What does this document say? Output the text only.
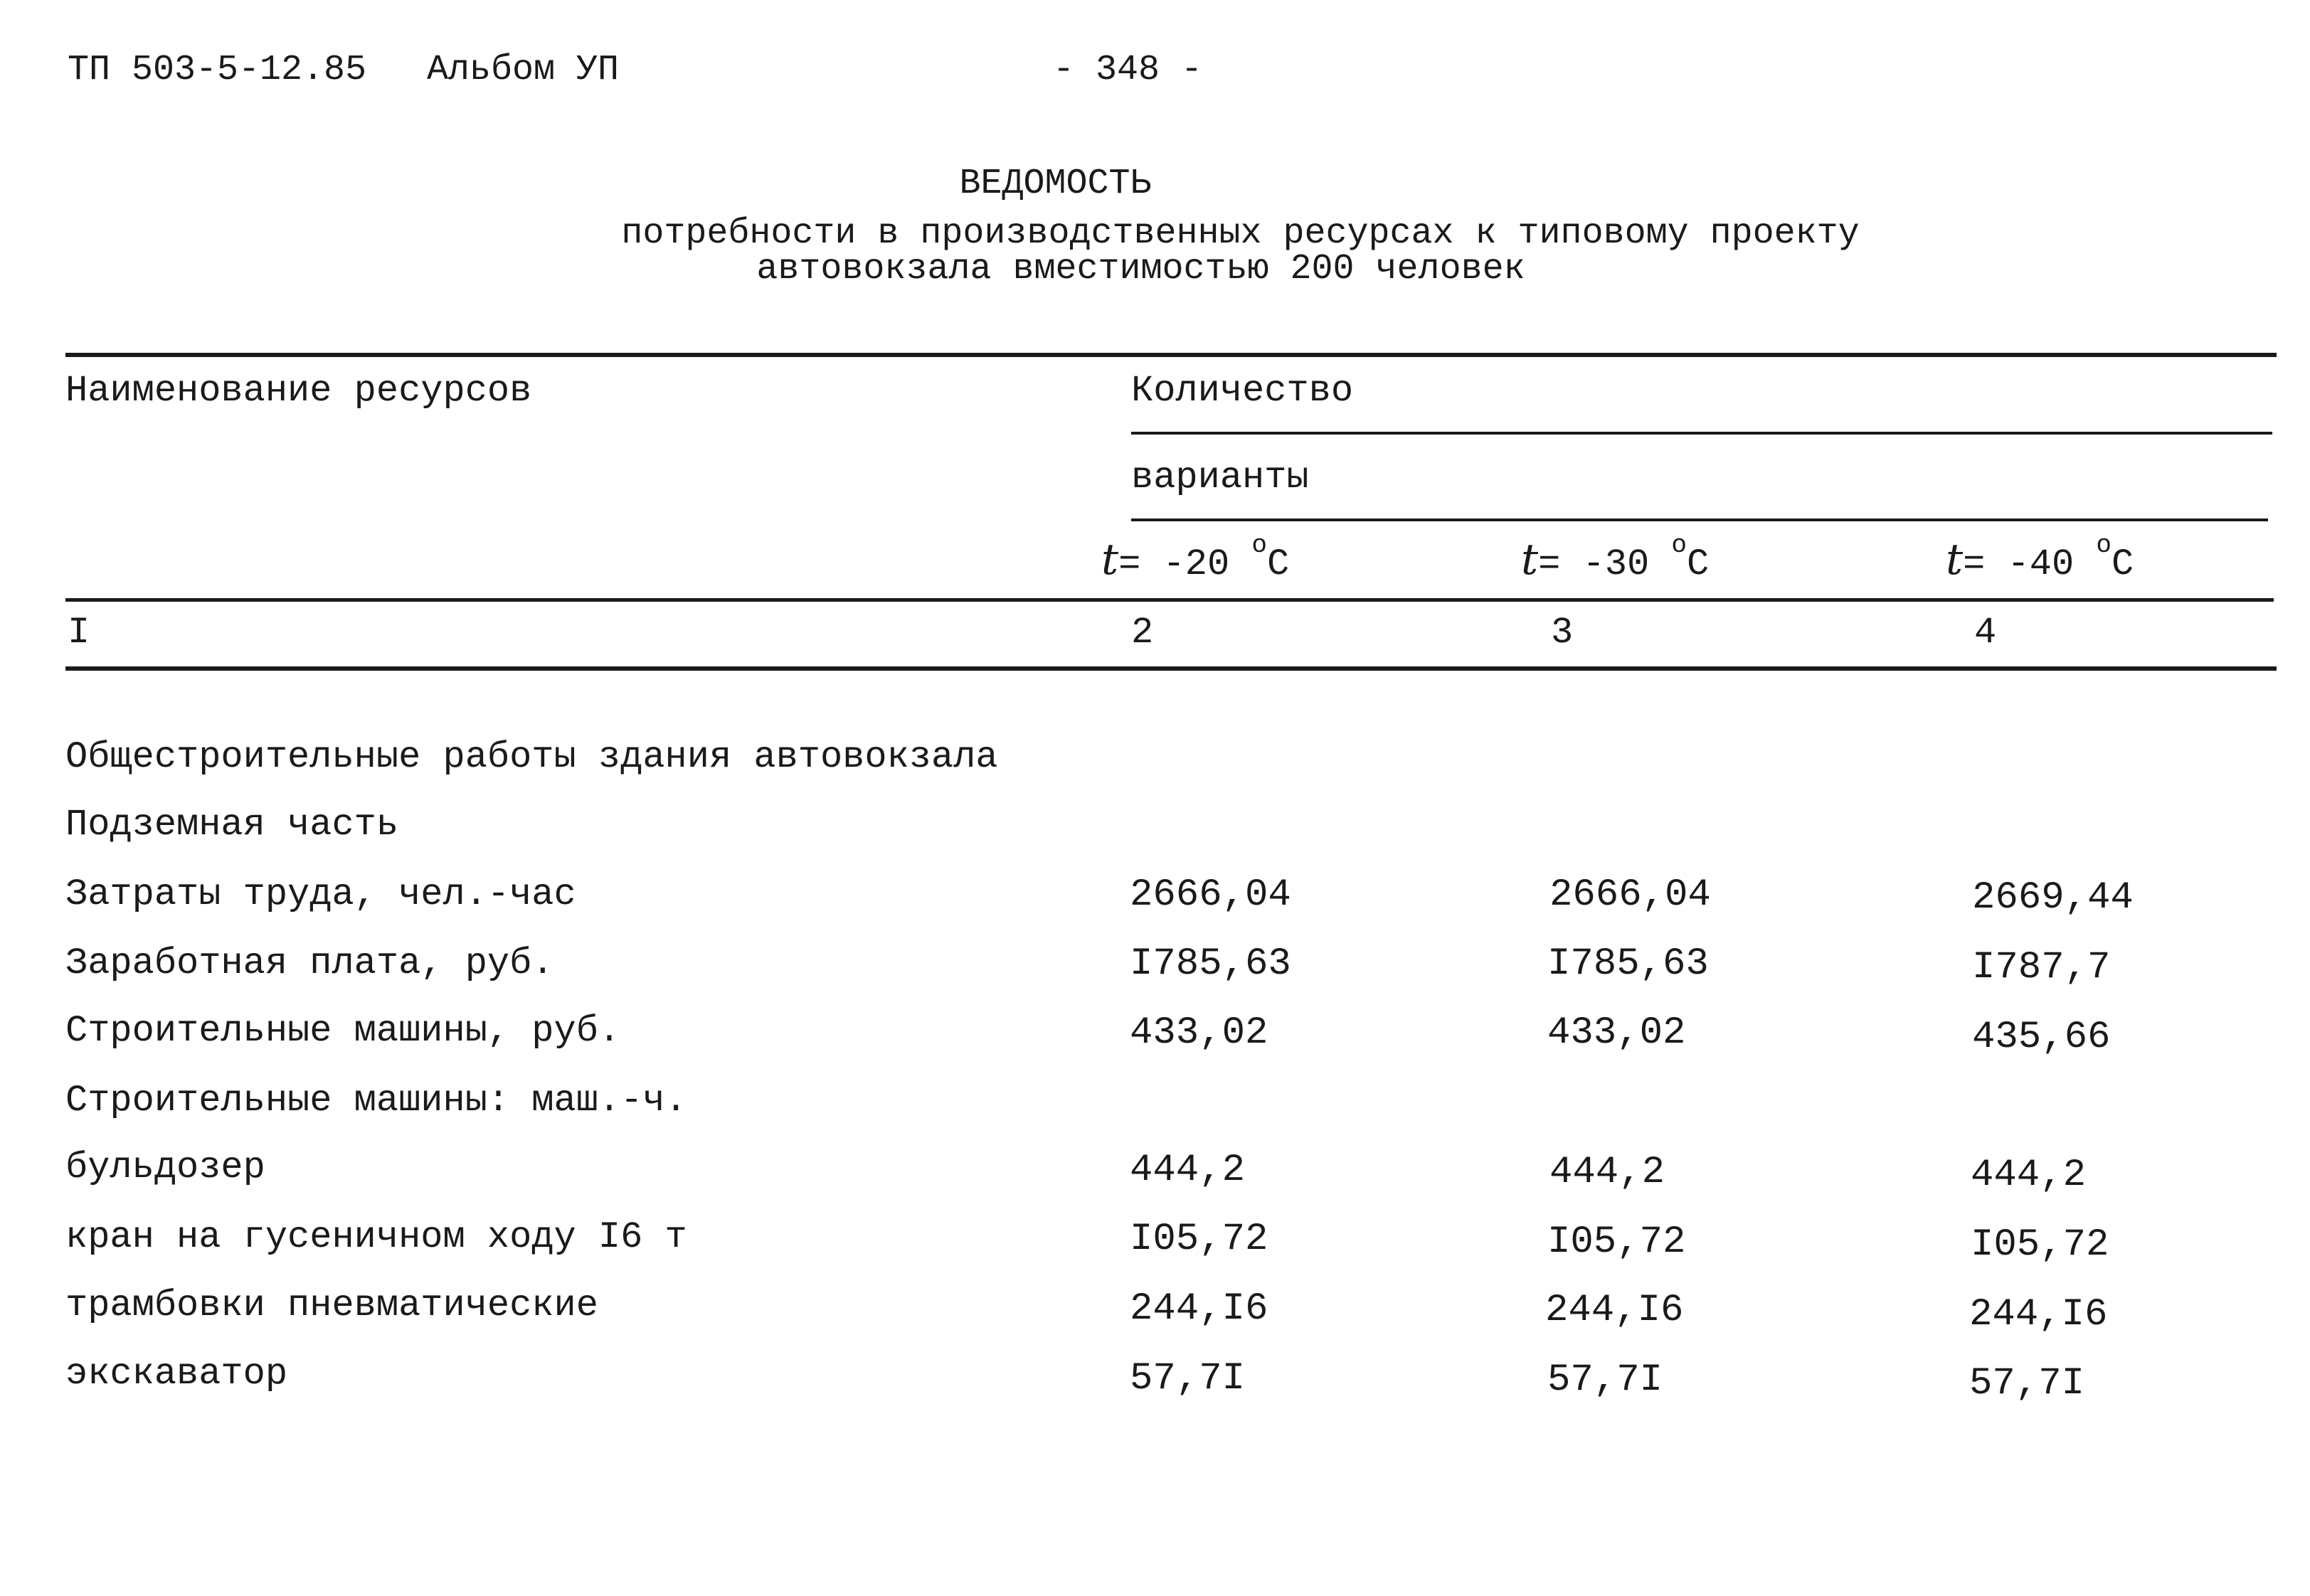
ТП 503-5-12.85 Альбом УП	- 348 -
ВЕДОМОСТЬ
потребности в производственных ресурсах к типовому проекту
автовокзала вместимостью 200 человек
Наименование ресурсов	Количество
варианты
t= -20 $^o$C	t= -30 $^o$C	t= -40 $^o$C
I	2	3	4
Общестроительные работы здания автовокзала
Подземная часть
Затраты труда, чел.-час	2666,04	2666,04	2669,44
Заработная плата, руб.	I785,63	I785,63	I787,7
Строительные машины, руб.	433,02	433,02	435,66
Строительные машины: маш.-ч.
бульдозер	444,2	444,2	444,2
кран на гусеничном ходу I6 т	I05,72	I05,72	I05,72
трамбовки пневматические	244,I6	244,I6	244,I6
экскаватор	57,7I	57,7I	57,7I
